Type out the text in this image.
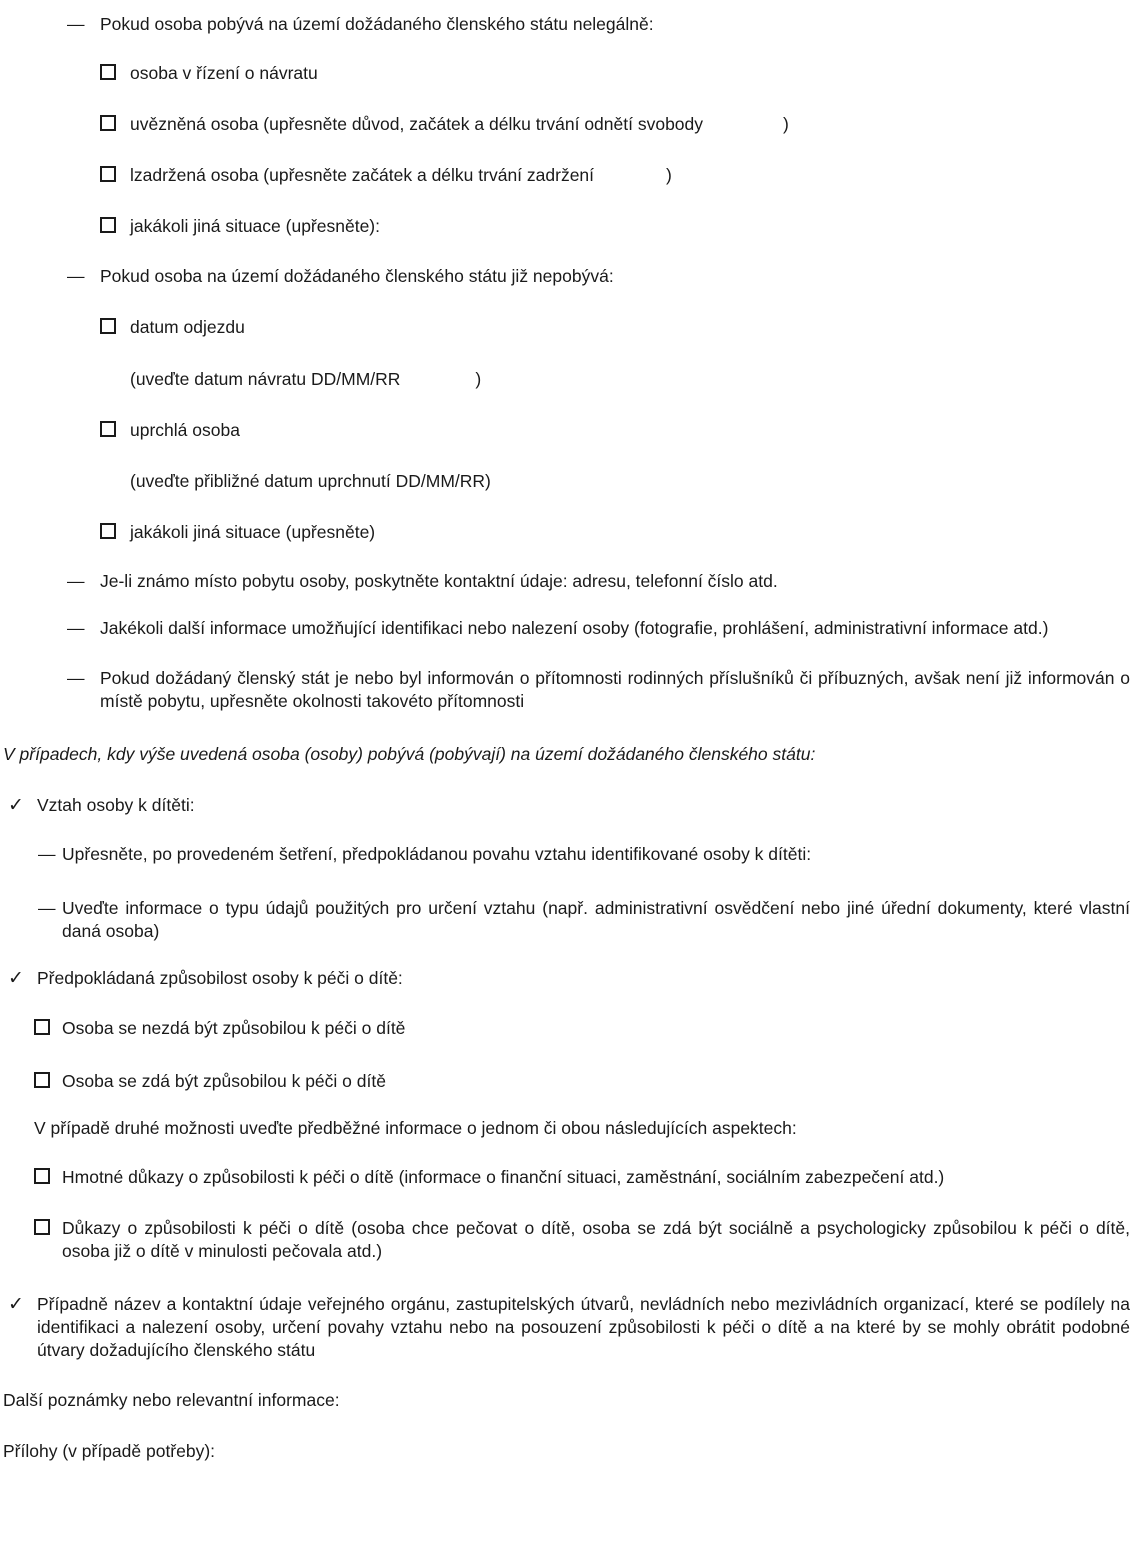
— Pokud osoba pobývá na území dožádaného členského státu nelegálně:
osoba v řízení o návratu
uvězněná osoba (upřesněte důvod, začátek a délku trvání odnětí svobody	)
lzadržená osoba (upřesněte začátek a délku trvání zadržení	)
jakákoli jiná situace (upřesněte):
— Pokud osoba na území dožádaného členského státu již nepobývá:
datum odjezdu
(uveďte datum návratu DD/MM/RR	)
uprchlá osoba
(uveďte přibližné datum uprchnutí DD/MM/RR)
jakákoli jiná situace (upřesněte)
— Je-li známo místo pobytu osoby, poskytněte kontaktní údaje: adresu, telefonní číslo atd.
— Jakékoli další informace umožňující identifikaci nebo nalezení osoby (fotografie, prohlášení, administrativní informace atd.)
— Pokud dožádaný členský stát je nebo byl informován o přítomnosti rodinných příslušníků či příbuzných, avšak není již informován o místě pobytu, upřesněte okolnosti takovéto přítomnosti
V případech, kdy výše uvedená osoba (osoby) pobývá (pobývají) na území dožádaného členského státu:
✓ Vztah osoby k dítěti:
— Upřesněte, po provedeném šetření, předpokládanou povahu vztahu identifikované osoby k dítěti:
— Uveďte informace o typu údajů použitých pro určení vztahu (např. administrativní osvědčení nebo jiné úřední dokumenty, které vlastní daná osoba)
✓ Předpokládaná způsobilost osoby k péči o dítě:
Osoba se nezdá být způsobilou k péči o dítě
Osoba se zdá být způsobilou k péči o dítě
V případě druhé možnosti uveďte předběžné informace o jednom či obou následujících aspektech:
Hmotné důkazy o způsobilosti k péči o dítě (informace o finanční situaci, zaměstnání, sociálním zabezpečení atd.)
Důkazy o způsobilosti k péči o dítě (osoba chce pečovat o dítě, osoba se zdá být sociálně a psychologicky způsobilou k péči o dítě, osoba již o dítě v minulosti pečovala atd.)
✓ Případně název a kontaktní údaje veřejného orgánu, zastupitelských útvarů, nevládních nebo mezivládních organizací, které se podílely na identifikaci a nalezení osoby, určení povahy vztahu nebo na posouzení způsobilosti k péči o dítě a na které by se mohly obrátit podobné útvary dožadujícího členského státu
Další poznámky nebo relevantní informace:
Přílohy (v případě potřeby):
